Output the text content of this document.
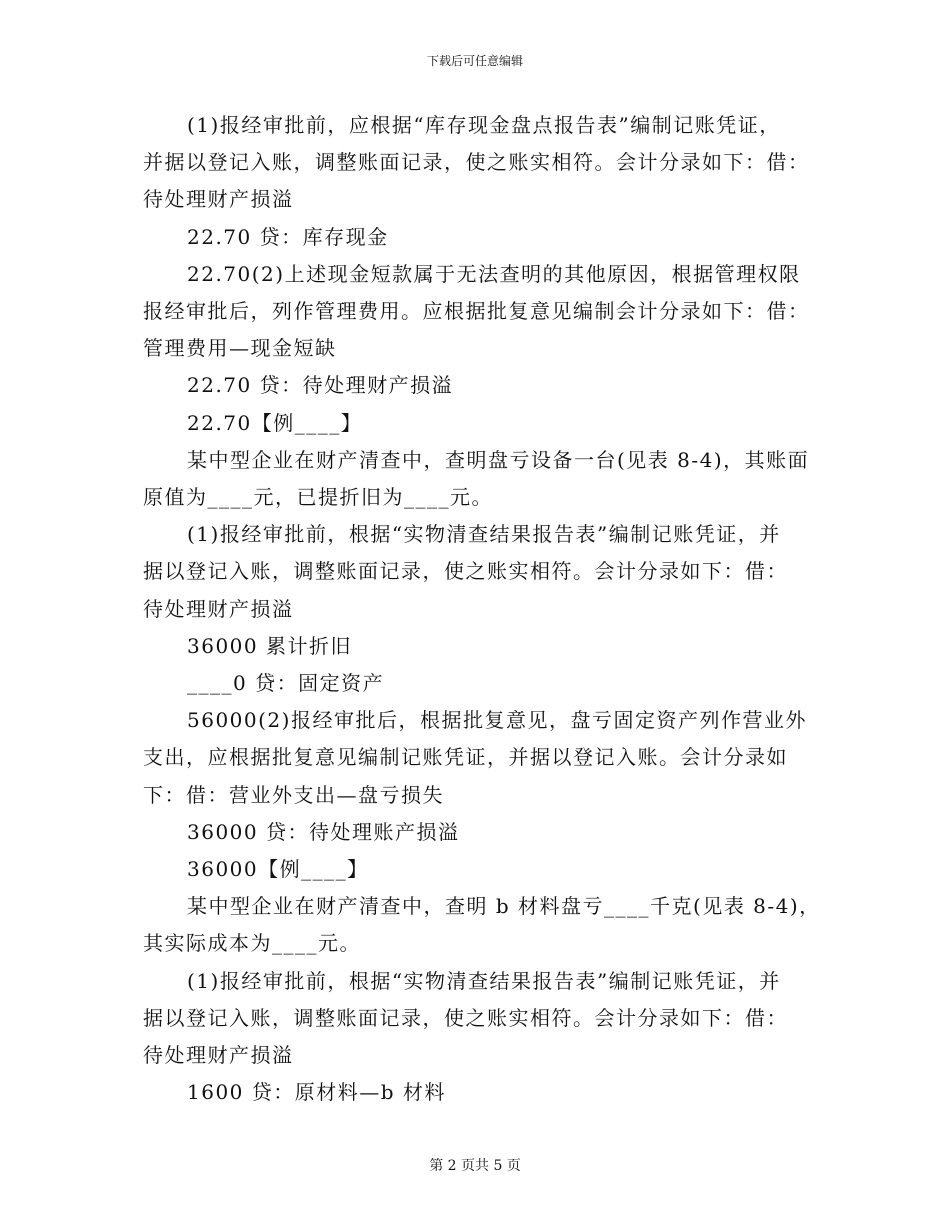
下载后可任意编辑

(1)报经审批前，应根据“库存现金盘点报告表”编制记账凭证，
并据以登记入账，调整账面记录，使之账实相符。会计分录如下：借：
待处理财产损溢

22.70 贷：库存现金

22.70(2)上述现金短款属于无法查明的其他原因，根据管理权限
报经审批后，列作管理费用。应根据批复意见编制会计分录如下：借：
管理费用—现金短缺

22.70 贷：待处理财产损溢

22.70【例____】

某中型企业在财产清查中，查明盘亏设备一台(见表 8-4)，其账面
原值为____元，已提折旧为____元。

(1)报经审批前，根据“实物清查结果报告表”编制记账凭证，并
据以登记入账，调整账面记录，使之账实相符。会计分录如下：借：
待处理财产损溢

36000 累计折旧

____0 贷：固定资产

56000(2)报经审批后，根据批复意见，盘亏固定资产列作营业外
支出，应根据批复意见编制记账凭证，并据以登记入账。会计分录如
下：借：营业外支出—盘亏损失

36000 贷：待处理账产损溢

36000【例____】

某中型企业在财产清查中，查明 b 材料盘亏____千克(见表 8-4)，
其实际成本为____元。

(1)报经审批前，根据“实物清查结果报告表”编制记账凭证，并
据以登记入账，调整账面记录，使之账实相符。会计分录如下：借：
待处理财产损溢

1600 贷：原材料—b 材料

第 2 页共 5 页
